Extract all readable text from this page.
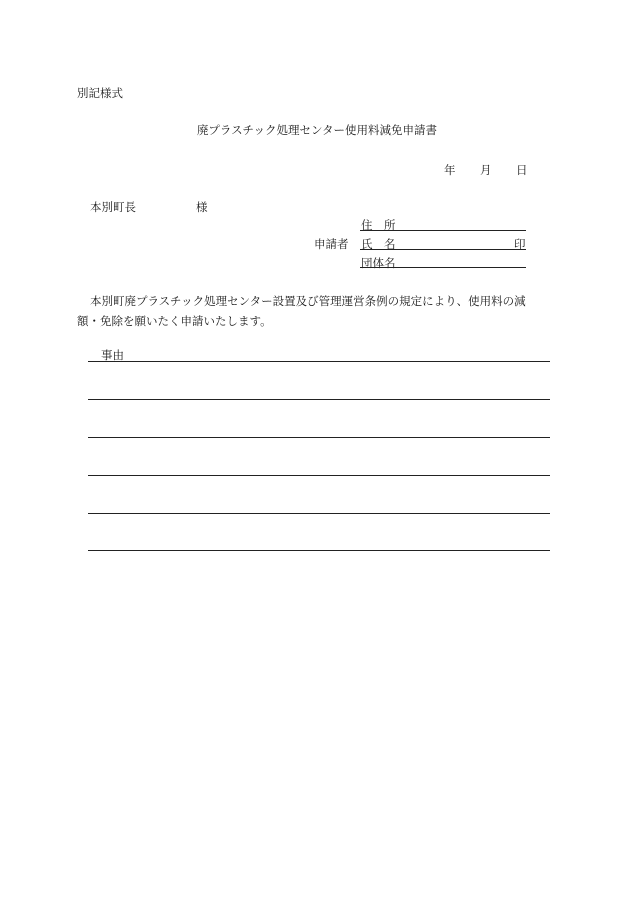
別記様式
廃プラスチック処理センター使用料減免申請書
年 月 日
本別町長	様
住　所
申請者 氏　名	印
団体名
本別町廃プラスチック処理センター設置及び管理運営条例の規定により、使用料の減
額・免除を願いたく申請いたします。
事由
